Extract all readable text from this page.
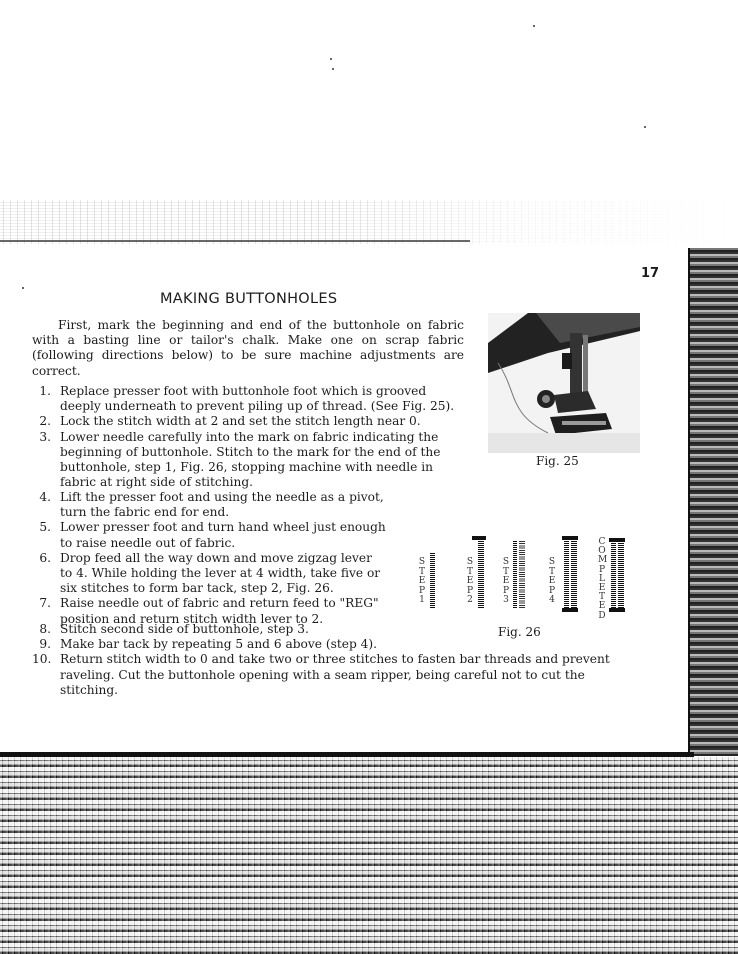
17
MAKING BUTTONHOLES

First, mark the beginning and end of the buttonhole on fabric with a basting line or tailor's chalk. Make one on scrap fabric (following directions below) to be sure machine adjustments are correct.

1. Replace presser foot with buttonhole foot which is grooved deeply underneath to prevent piling up of thread. (See Fig. 25).
2. Lock the stitch width at 2 and set the stitch length near 0.
3. Lower needle carefully into the mark on fabric indicating the beginning of buttonhole. Stitch to the mark for the end of the buttonhole, step 1, Fig. 26, stopping machine with needle in fabric at right side of stitching.
4. Lift the presser foot and using the needle as a pivot, turn the fabric end for end.
5. Lower presser foot and turn hand wheel just enough to raise needle out of fabric.
6. Drop feed all the way down and move zigzag lever to 4. While holding the lever at 4 width, take five or six stitches to form bar tack, step 2, Fig. 26.
7. Raise needle out of fabric and return feed to "REG" position and return stitch width lever to 2.
8. Stitch second side of buttonhole, step 3.
9. Make bar tack by repeating 5 and 6 above (step 4).
10. Return stitch width to 0 and take two or three stitches to fasten bar threads and prevent raveling. Cut the buttonhole opening with a seam ripper, being careful not to cut the stitching.
Fig. 25
S
T
E
P
1
S
T
E
P
2
S
T
E
P
3
S
T
E
P
4
C
O
M
P
L
E
T
E
D
Fig. 26
